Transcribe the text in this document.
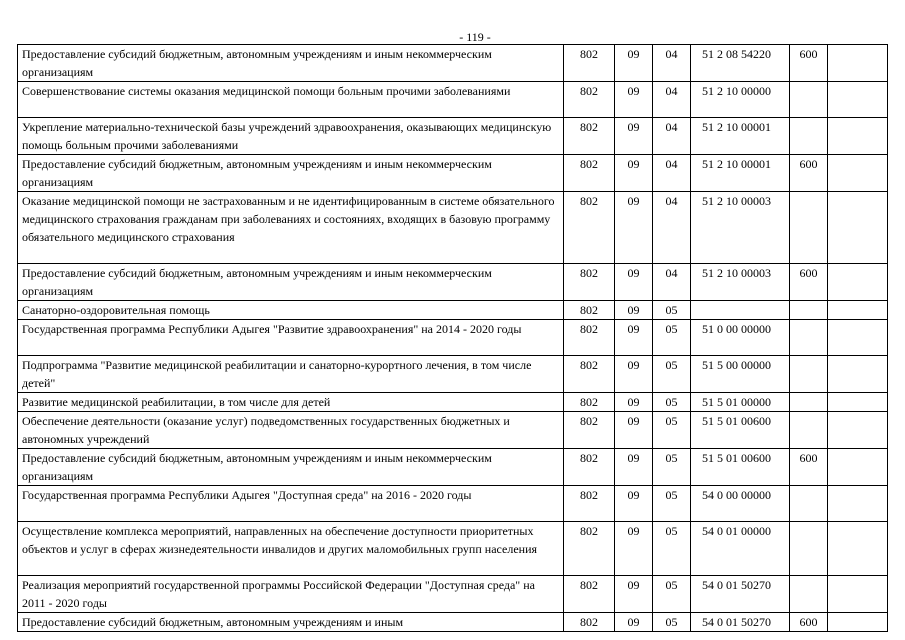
- 119 -
Предоставление субсидий бюджетным, автономным учреждениям и иным некоммерческим организациям	802	09	04	51 2 08 54220	600	
Совершенствование системы оказания медицинской помощи больным прочими заболеваниями	802	09	04	51 2 10 00000		
Укрепление материально-технической базы учреждений здравоохранения, оказывающих медицинскую помощь больным прочими заболеваниями	802	09	04	51 2 10 00001		
Предоставление субсидий бюджетным, автономным учреждениям и иным некоммерческим организациям	802	09	04	51 2 10 00001	600	
Оказание медицинской помощи не застрахованным и не идентифицированным в системе обязательного медицинского страхования гражданам при заболеваниях и состояниях, входящих в базовую программу обязательного медицинского страхования	802	09	04	51 2 10 00003		
Предоставление субсидий бюджетным, автономным учреждениям и иным некоммерческим организациям	802	09	04	51 2 10 00003	600	
Санаторно-оздоровительная помощь	802	09	05			
Государственная программа Республики Адыгея "Развитие здравоохранения" на 2014 - 2020 годы	802	09	05	51 0 00 00000		
Подпрограмма "Развитие медицинской реабилитации и санаторно-курортного лечения, в том числе детей"	802	09	05	51 5 00 00000		
Развитие медицинской реабилитации, в том числе для детей	802	09	05	51 5 01 00000		
Обеспечение деятельности (оказание услуг) подведомственных государственных бюджетных и автономных учреждений	802	09	05	51 5 01 00600		
Предоставление субсидий бюджетным, автономным учреждениям и иным некоммерческим организациям	802	09	05	51 5 01 00600	600	
Государственная программа Республики Адыгея "Доступная среда" на 2016 - 2020 годы	802	09	05	54 0 00 00000		
Осуществление комплекса мероприятий, направленных на обеспечение доступности приоритетных объектов и услуг в сферах жизнедеятельности инвалидов и других маломобильных групп населения	802	09	05	54 0 01 00000		
Реализация мероприятий государственной программы Российской Федерации "Доступная среда" на 2011 - 2020 годы	802	09	05	54 0 01 50270		
Предоставление субсидий бюджетным, автономным учреждениям и иным	802	09	05	54 0 01 50270	600	
